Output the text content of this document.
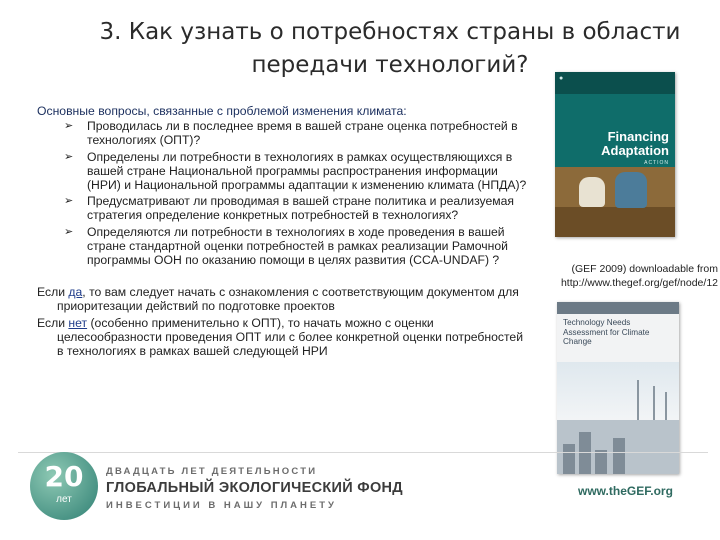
3. Как узнать о потребностях страны в области
передачи технологий?
Основные вопросы, связанные с проблемой изменения климата:
➢ Проводилась ли в последнее время в вашей стране оценка потребностей в технологиях (ОПТ)?
➢ Определены ли потребности в технологиях в рамках осуществляющихся в вашей стране Национальной программы распространения информации (НРИ) и Национальной программы адаптации к изменению климата (НПДА)?
➢ Предусматривают ли проводимая в вашей стране политика и реализуемая стратегия определение конкретных потребностей в технологиях?
➢ Определяются ли потребности в технологиях в ходе проведения в вашей стране стандартной оценки потребностей в рамках реализации Рамочной программы ООН по оказанию помощи в целях развития (CCA-UNDAF) ?

Если да, то вам следует начать с ознакомления с соответствующим документом для приоритезации действий по подготовке проектов

Если нет (особенно применительно к ОПТ), то начать можно с оценки целесообразности проведения ОПТ или с более конкретной оценки потребностей в технологиях в рамках вашей следующей НРИ

●
Financing
Adaptation
ACTION
(GEF 2009) downloadable from
http://www.thegef.org/gef/node/12
Technology Needs Assessment for Climate Change
20
лет
ДВАДЦАТЬ ЛЕТ ДЕЯТЕЛЬНОСТИ
ГЛОБАЛЬНЫЙ ЭКОЛОГИЧЕСКИЙ ФОНД
ИНВЕСТИЦИИ В НАШУ ПЛАНЕТУ
www.theGEF.org
